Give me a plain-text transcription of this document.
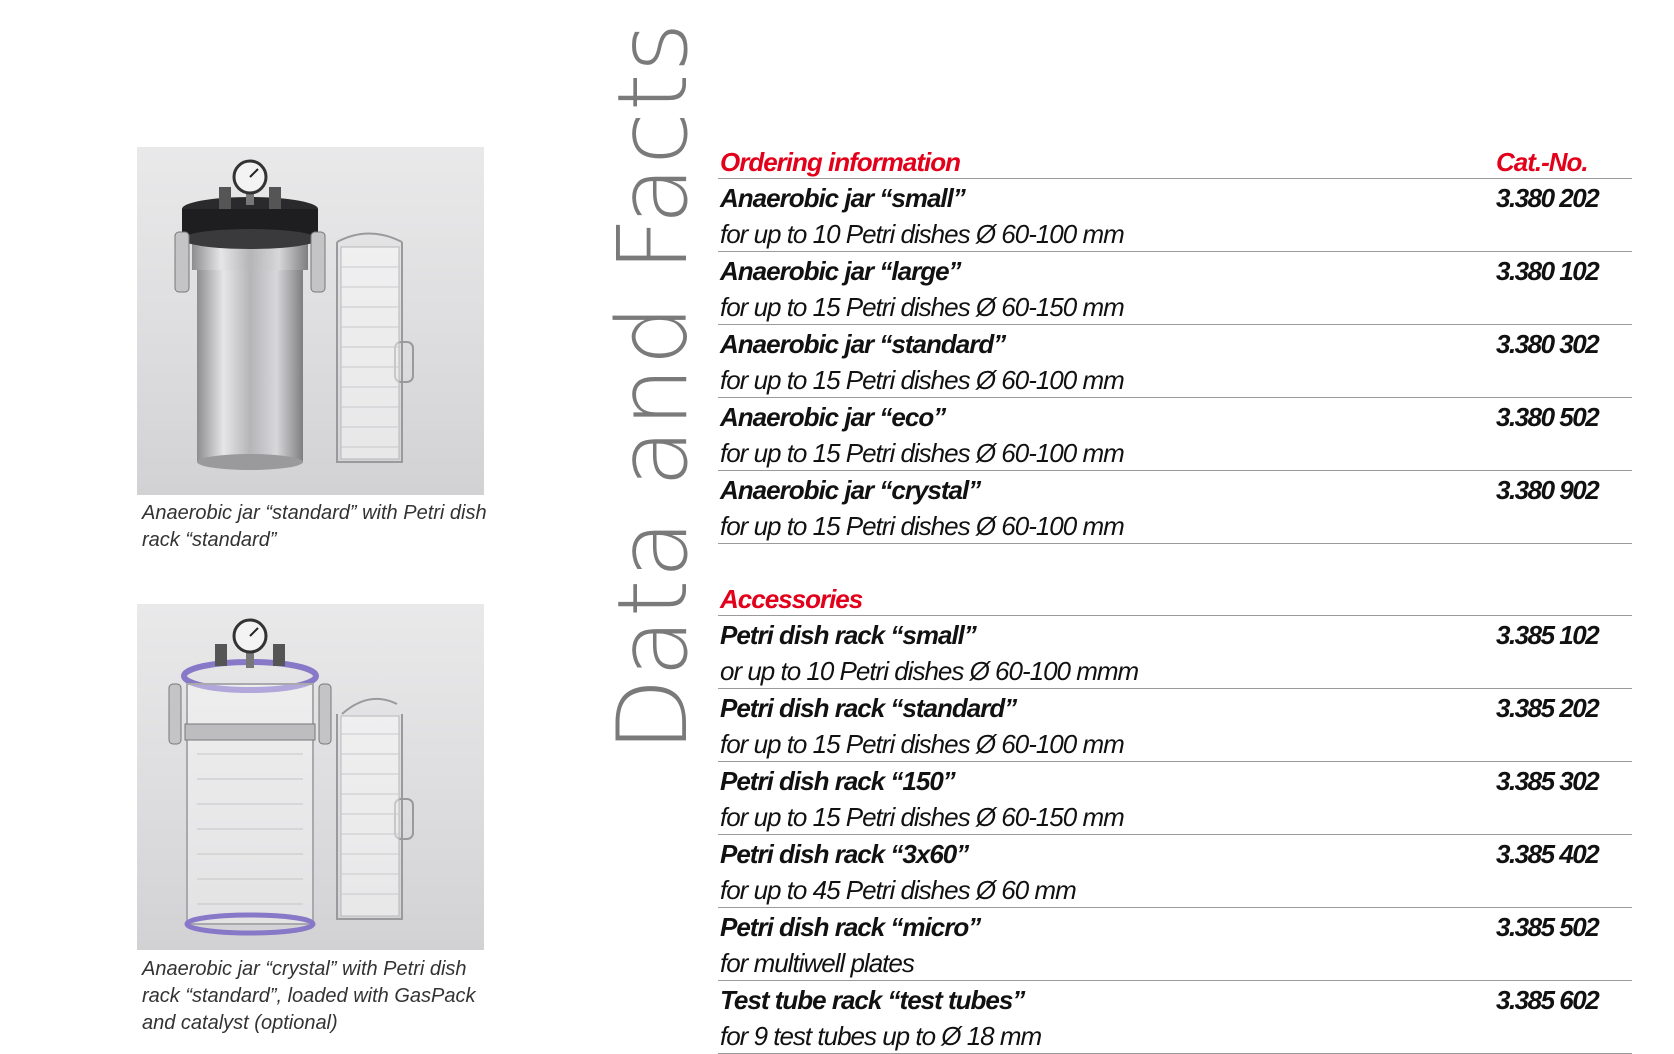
Anaerobic jar “standard” with Petri dish rack “standard”

Anaerobic jar “crystal” with Petri dish rack “standard”, loaded with GasPack and catalyst (optional)

Data and Facts Ordering information	Cat.-No.
Anaerobic jar “small”	3.380 202
for up to 10 Petri dishes Ø 60-100 mm
Anaerobic jar “large”	3.380 102
for up to 15 Petri dishes Ø 60-150 mm
Anaerobic jar “standard”	3.380 302
for up to 15 Petri dishes Ø 60-100 mm
Anaerobic jar “eco”	3.380 502
for up to 15 Petri dishes Ø 60-100 mm
Anaerobic jar “crystal”	3.380 902
for up to 15 Petri dishes Ø 60-100 mm
Accessories
Petri dish rack “small”	3.385 102
or up to 10 Petri dishes Ø 60-100 mmm
Petri dish rack “standard”	3.385 202
for up to 15 Petri dishes Ø 60-100 mm
Petri dish rack “150”	3.385 302
for up to 15 Petri dishes Ø 60-150 mm
Petri dish rack “3x60”	3.385 402
for up to 45 Petri dishes Ø 60 mm
Petri dish rack “micro”	3.385 502
for multiwell plates
Test tube rack “test tubes”	3.385 602
for 9 test tubes up to Ø 18 mm
